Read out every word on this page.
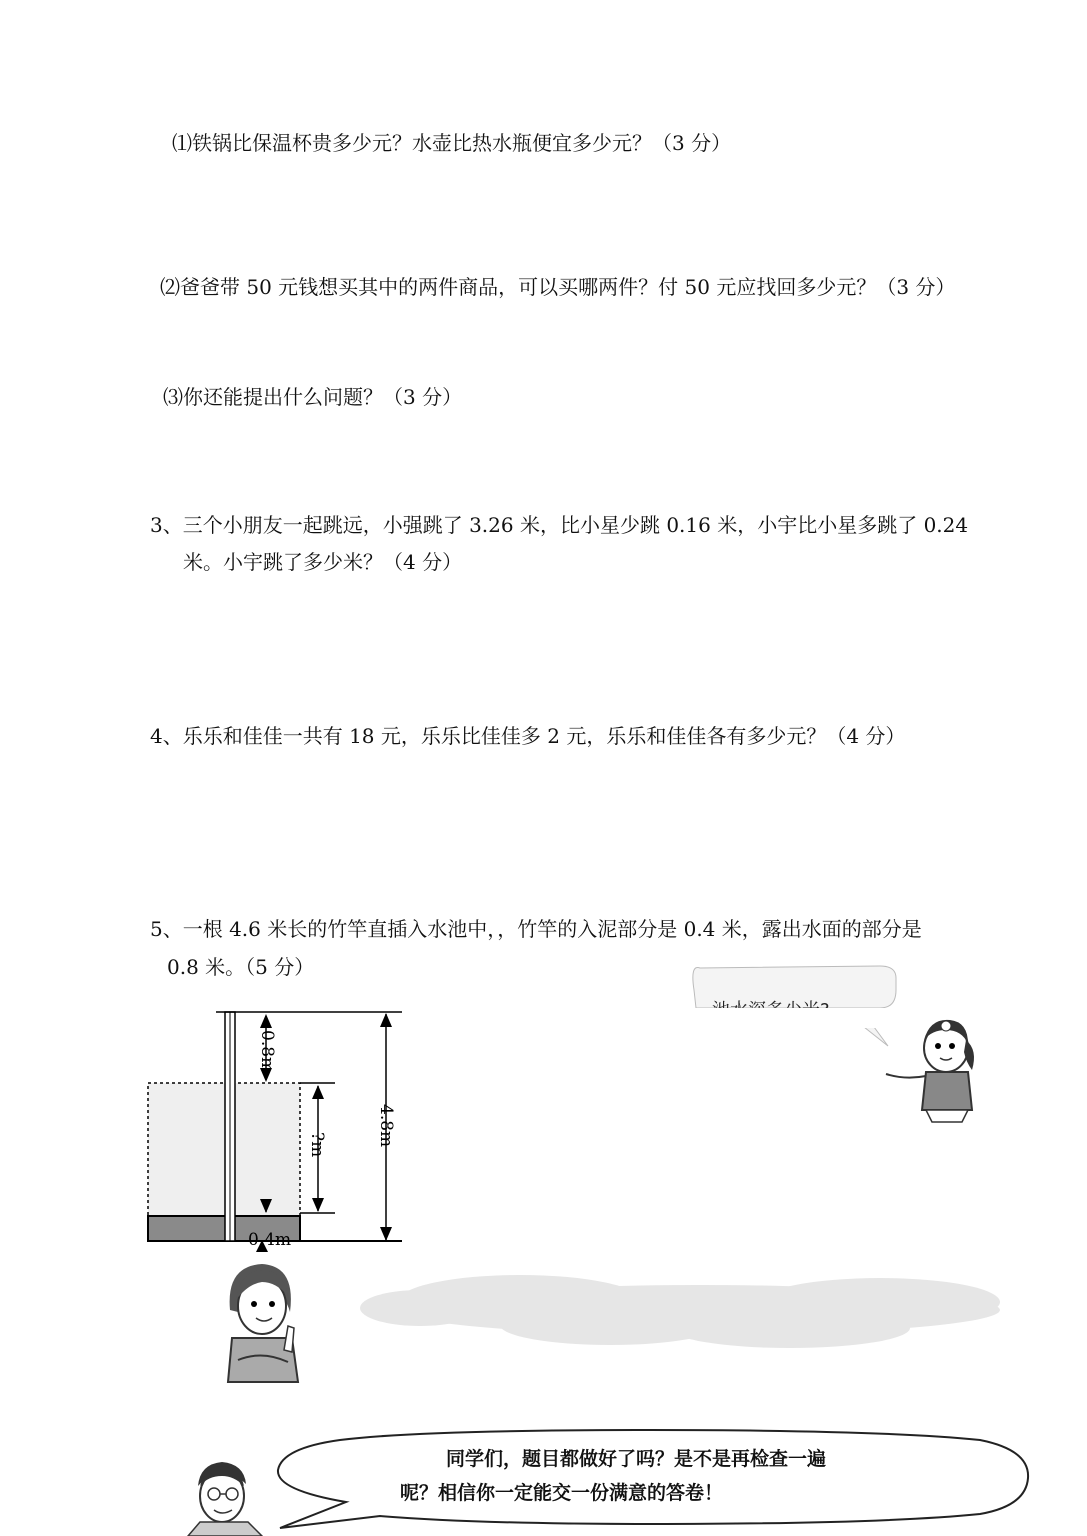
⑴铁锅比保温杯贵多少元？水壶比热水瓶便宜多少元？（3 分）
⑵爸爸带 50 元钱想买其中的两件商品，可以买哪两件？付 50 元应找回多少元？（3 分）
⑶你还能提出什么问题？（3 分）
3、三个小朋友一起跳远，小强跳了 3.26 米，比小星少跳 0.16 米，小宇比小星多跳了 0.24
米。小宇跳了多少米？（4 分）
4、乐乐和佳佳一共有 18 元，乐乐比佳佳多 2 元，乐乐和佳佳各有多少元？（4 分）
5、一根 4.6 米长的竹竿直插入水池中，，竹竿的入泥部分是 0.4 米，露出水面的部分是
0.8 米。（5 分）
0.8m
?m	4.8m
0.4m
同学们，题目都做好了吗？是不是再检查一遍
呢？相信你一定能交一份满意的答卷！
